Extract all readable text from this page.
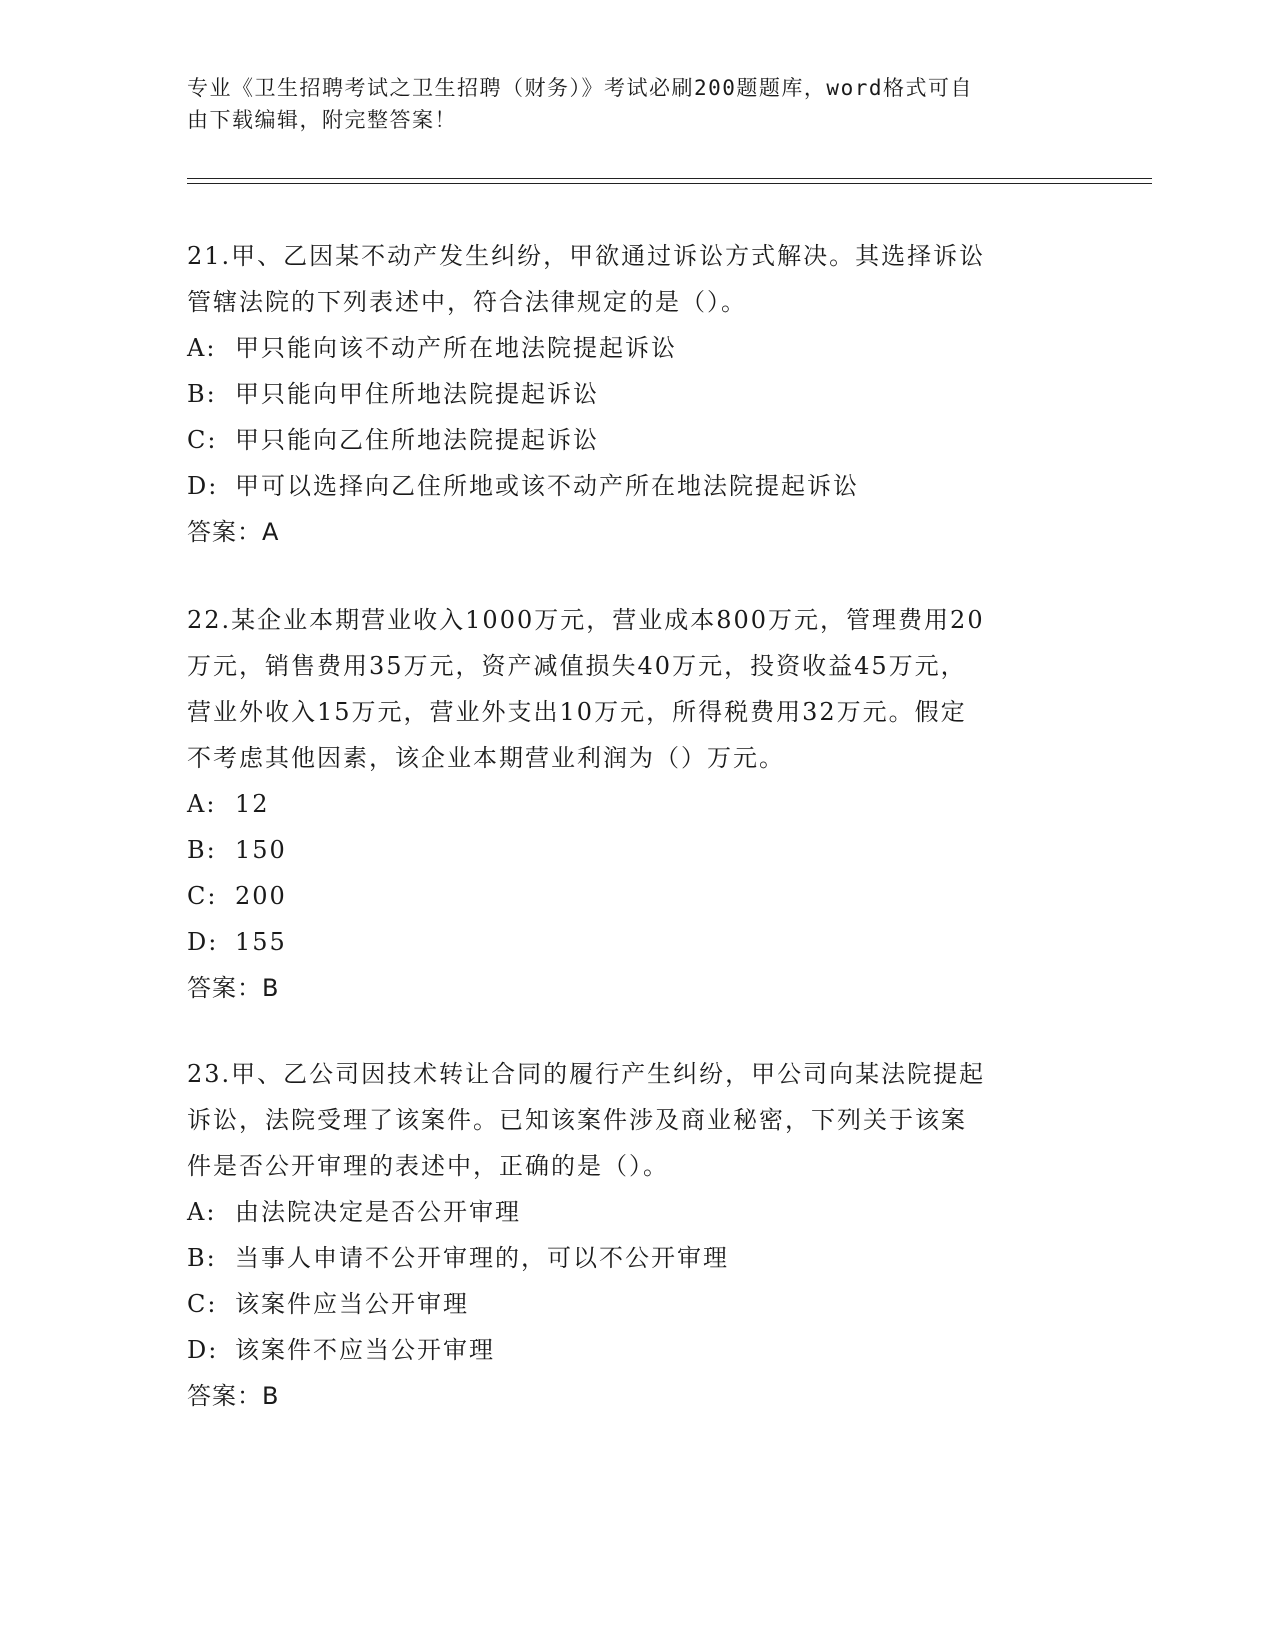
专业《卫生招聘考试之卫生招聘（财务）》考试必刷200题题库，word格式可自
由下载编辑，附完整答案！

21.甲、乙因某不动产发生纠纷，甲欲通过诉讼方式解决。其选择诉讼

管辖法院的下列表述中，符合法律规定的是（）。

A: 甲只能向该不动产所在地法院提起诉讼

B: 甲只能向甲住所地法院提起诉讼

C: 甲只能向乙住所地法院提起诉讼

D: 甲可以选择向乙住所地或该不动产所在地法院提起诉讼

答案：A

22.某企业本期营业收入1000万元，营业成本800万元，管理费用20

万元，销售费用35万元，资产减值损失40万元，投资收益45万元，

营业外收入15万元，营业外支出10万元，所得税费用32万元。假定

不考虑其他因素，该企业本期营业利润为（）万元。

A: 12

B: 150

C: 200

D: 155

答案：B

23.甲、乙公司因技术转让合同的履行产生纠纷，甲公司向某法院提起

诉讼，法院受理了该案件。已知该案件涉及商业秘密，下列关于该案

件是否公开审理的表述中，正确的是（）。

A: 由法院决定是否公开审理

B: 当事人申请不公开审理的，可以不公开审理

C: 该案件应当公开审理

D: 该案件不应当公开审理

答案：B
